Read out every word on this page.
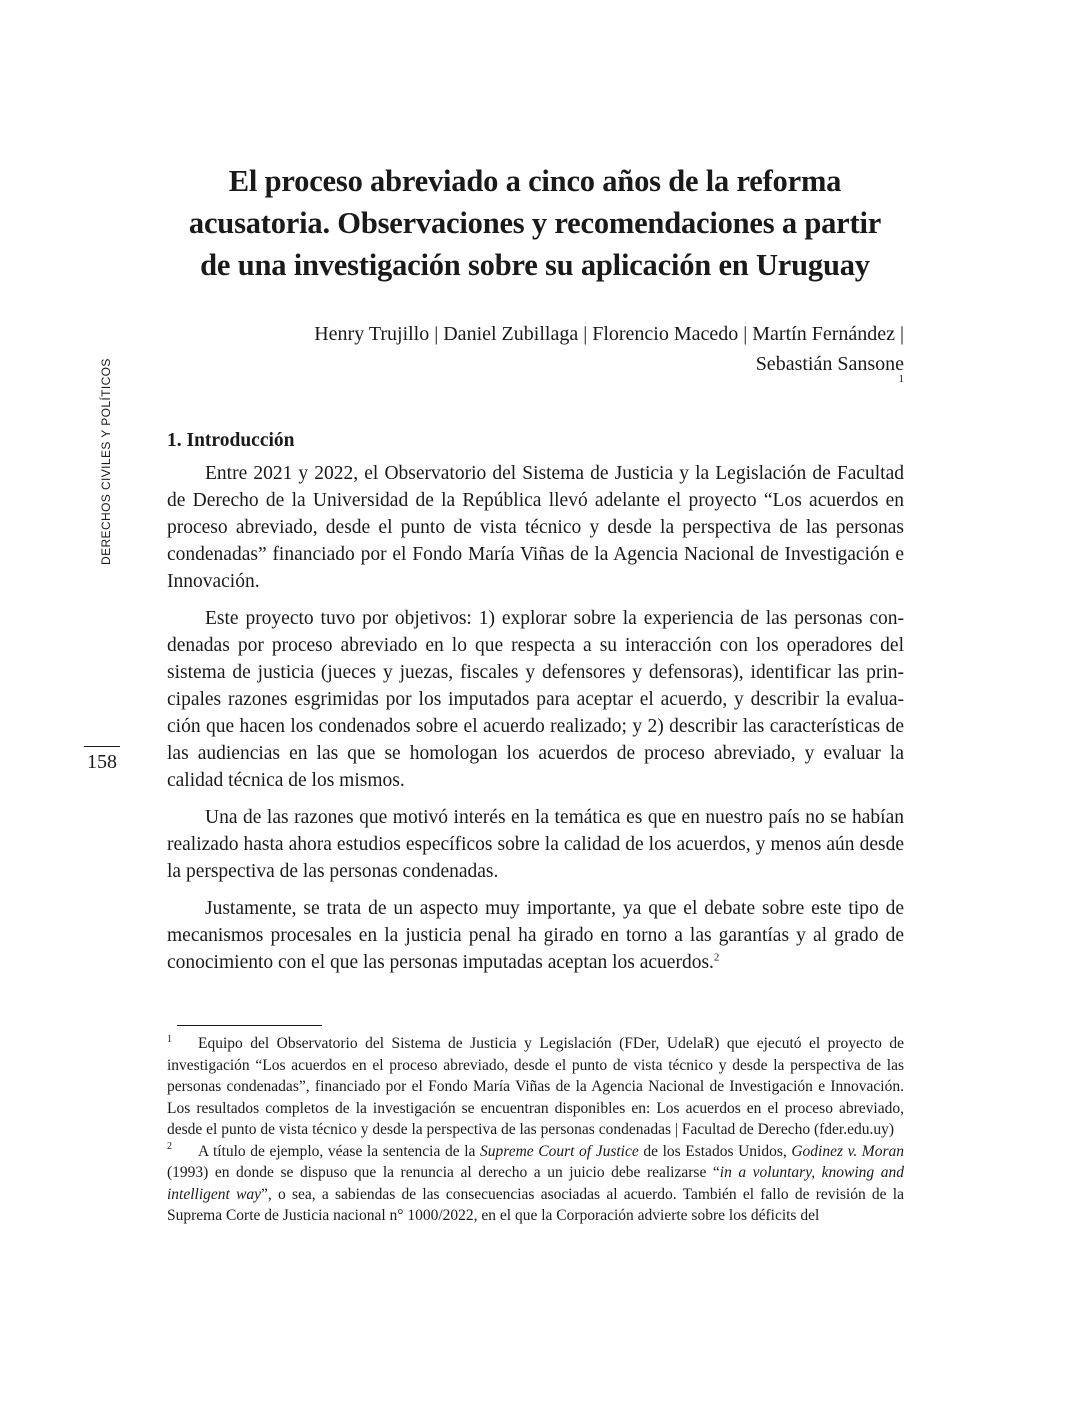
El proceso abreviado a cinco años de la reforma
acusatoria. Observaciones y recomendaciones a partir
de una investigación sobre su aplicación en Uruguay
Henry Trujillo | Daniel Zubillaga | Florencio Macedo | Martín Fernández |
Sebastián Sansone
1
DERECHOS CIVILES Y POLÍTICOS
158
1. Introducción

Entre 2021 y 2022, el Observatorio del Sistema de Justicia y la Legislación de Facultad de Derecho de la Universidad de la República llevó adelante el proyecto “Los acuerdos en proceso abreviado, desde el punto de vista técnico y desde la perspectiva de las personas condenadas” financiado por el Fondo María Viñas de la Agencia Nacional de Investigación e Innovación.

Este proyecto tuvo por objetivos: 1) explorar sobre la experiencia de las personas condenadas por proceso abreviado en lo que respecta a su interacción con los operadores del sistema de justicia (jueces y juezas, fiscales y defensores y defensoras), identificar las principales razones esgrimidas por los imputados para aceptar el acuerdo, y describir la evaluación que hacen los condenados sobre el acuerdo realizado; y 2) describir las características de las audiencias en las que se homologan los acuerdos de proceso abreviado, y evaluar la calidad técnica de los mismos.

Una de las razones que motivó interés en la temática es que en nuestro país no se habían realizado hasta ahora estudios específicos sobre la calidad de los acuerdos, y menos aún desde la perspectiva de las personas condenadas.

Justamente, se trata de un aspecto muy importante, ya que el debate sobre este tipo de mecanismos procesales en la justicia penal ha girado en torno a las garantías y al grado de conocimiento con el que las personas imputadas aceptan los acuerdos.$^2$

1 Equipo del Observatorio del Sistema de Justicia y Legislación (FDer, UdelaR) que ejecutó el proyecto de investigación “Los acuerdos en el proceso abreviado, desde el punto de vista técnico y desde la perspectiva de las personas condenadas”, financiado por el Fondo María Viñas de la Agencia Nacional de Investigación e Innovación. Los resultados completos de la investigación se encuentran disponibles en: Los acuerdos en el proceso abreviado, desde el punto de vista técnico y desde la perspectiva de las personas condenadas | Facultad de Derecho (fder.edu.uy)

2 A título de ejemplo, véase la sentencia de la Supreme Court of Justice de los Estados Unidos, Godinez v. Moran (1993) en donde se dispuso que la renuncia al derecho a un juicio debe realizarse “in a voluntary, knowing and intelligent way”, o sea, a sabiendas de las consecuencias asociadas al acuerdo. También el fallo de revisión de la Suprema Corte de Justicia nacional n° 1000/2022, en el que la Corporación advierte sobre los déficits del
